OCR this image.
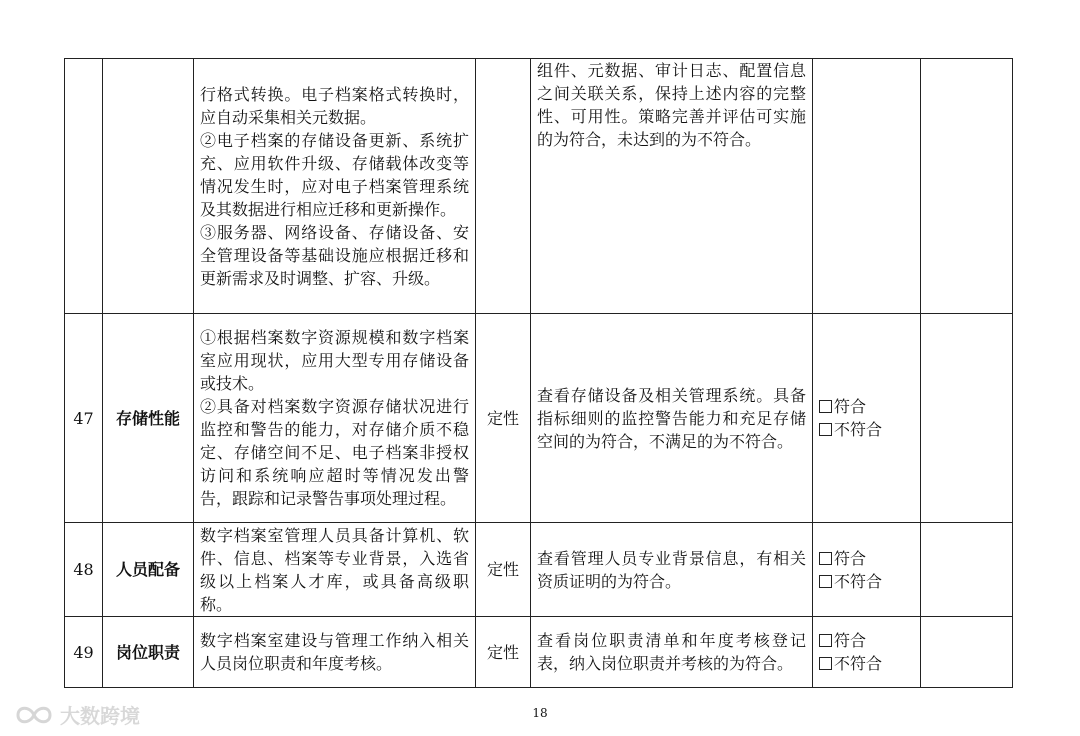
		行格式转换。电子档案格式转换时，应自动采集相关元数据。
②电子档案的存储设备更新、系统扩充、应用软件升级、存储载体改变等情况发生时，应对电子档案管理系统及其数据进行相应迁移和更新操作。
③服务器、网络设备、存储设备、安全管理设备等基础设施应根据迁移和更新需求及时调整、扩容、升级。		组件、元数据、审计日志、配置信息之间关联关系，保持上述内容的完整性、可用性。策略完善并评估可实施的为符合，未达到的为不符合。		
47	存储性能	①根据档案数字资源规模和数字档案室应用现状，应用大型专用存储设备或技术。
②具备对档案数字资源存储状况进行监控和警告的能力，对存储介质不稳定、存储空间不足、电子档案非授权访问和系统响应超时等情况发出警告，跟踪和记录警告事项处理过程。	定性	查看存储设备及相关管理系统。具备指标细则的监控警告能力和充足存储空间的为符合，不满足的为不符合。	符合
不符合	

48	人员配备	数字档案室管理人员具备计算机、软件、信息、档案等专业背景，入选省级以上档案人才库，或具备高级职称。	定性	查看管理人员专业背景信息，有相关资质证明的为符合。	符合
不符合	

49	岗位职责	数字档案室建设与管理工作纳入相关人员岗位职责和年度考核。	定性	查看岗位职责清单和年度考核登记表，纳入岗位职责并考核的为符合。	符合
不符合	

18
大数跨境
